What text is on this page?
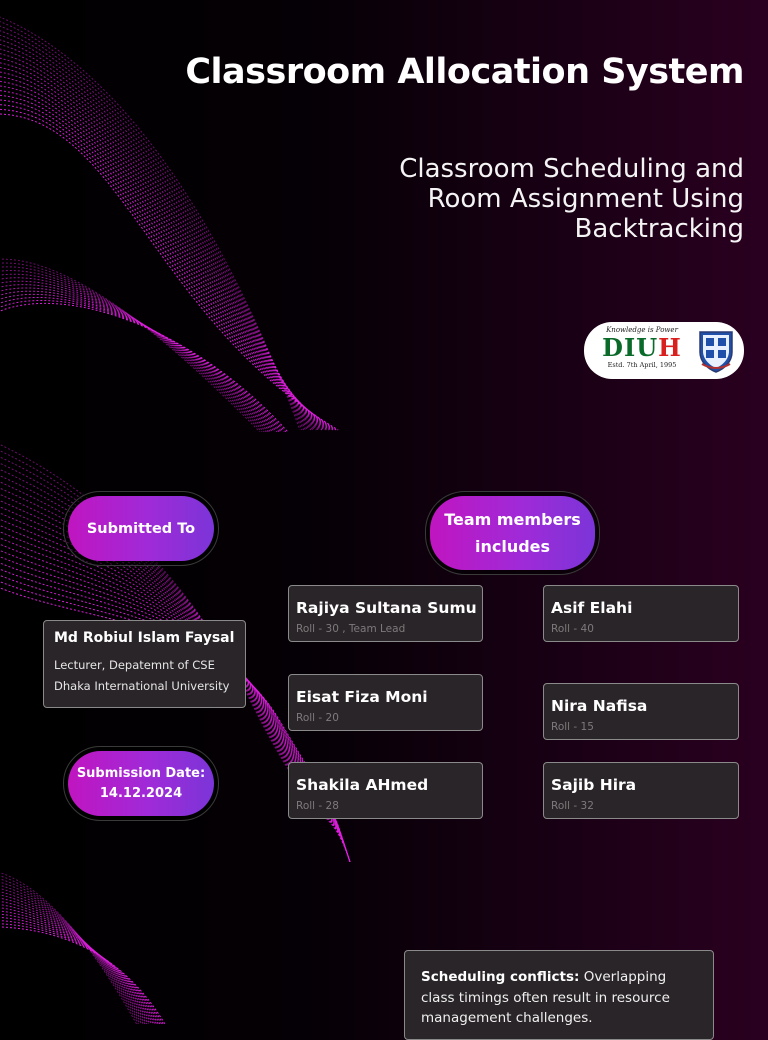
Classroom Allocation System
Classroom Scheduling and Room Assignment Using Backtracking
Knowledge is Power
DIUH
Estd. 7th April, 1995
Submitted To
Md Robiul Islam Faysal
Lecturer, Depatemnt of CSE
Dhaka International University
Submission Date:
14.12.2024
Team members includes
Rajiya Sultana Sumu
Roll - 30 , Team Lead
Asif Elahi
Roll - 40
Eisat Fiza Moni
Roll - 20
Nira Nafisa
Roll - 15
Shakila AHmed
Roll - 28
Sajib Hira
Roll - 32
Scheduling conflicts: Overlapping class timings often result in resource management challenges.
